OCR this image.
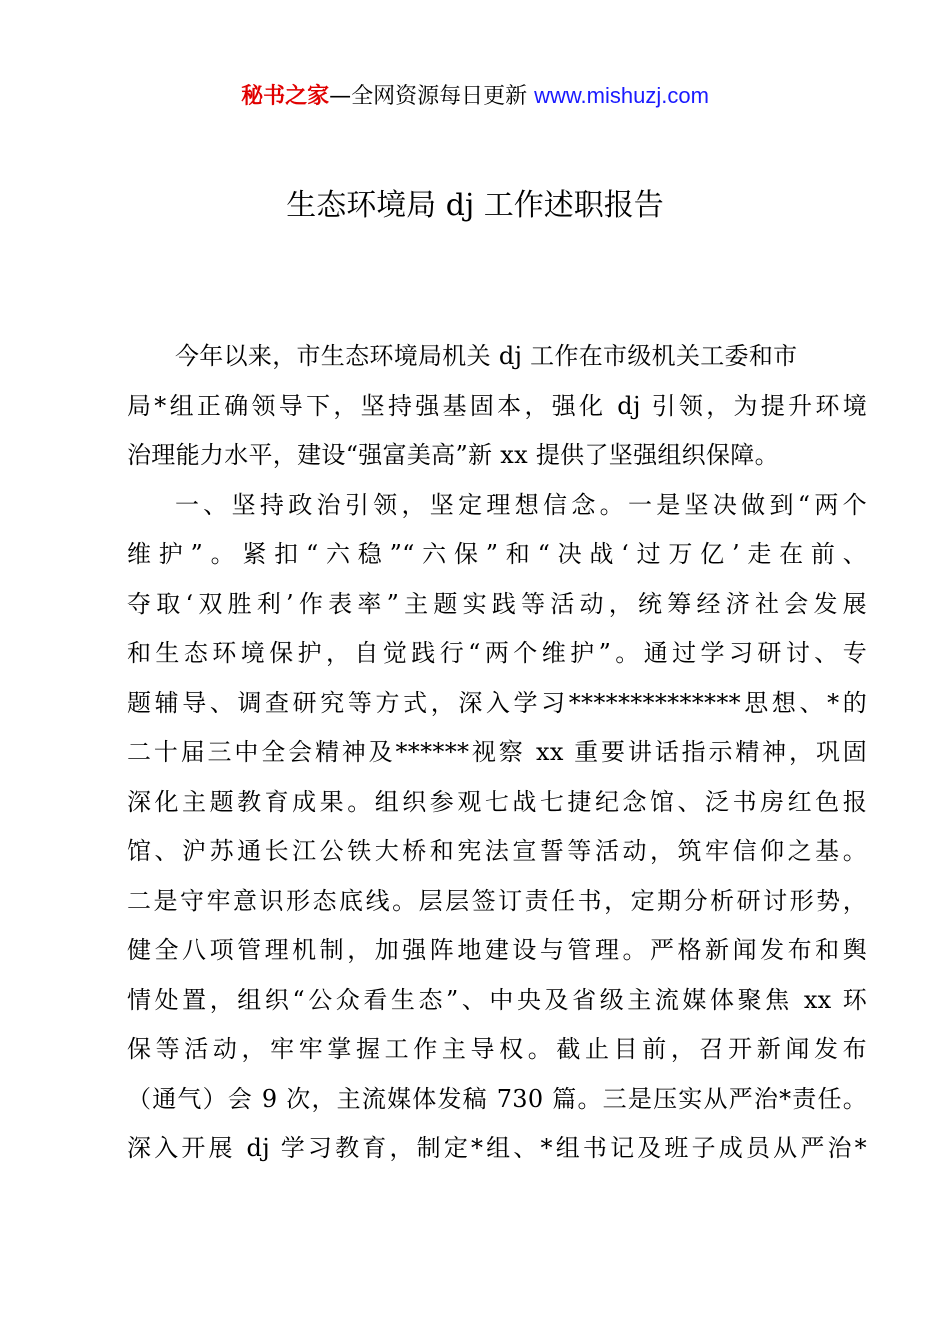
秘书之家—全网资源每日更新 www.mishuzj.com
生态环境局 dj 工作述职报告
今年以来，市生态环境局机关 dj 工作在市级机关工委和市
局*组正确领导下，坚持强基固本，强化 dj 引领，为提升环境
治理能力水平，建设“强富美高”新 xx 提供了坚强组织保障。
一、坚持政治引领，坚定理想信念。一是坚决做到“两个
维护”。紧扣“六稳”“六保”和“决战‘过万亿’走在前、
夺取‘双胜利’作表率”主题实践等活动，统筹经济社会发展
和生态环境保护，自觉践行“两个维护”。通过学习研讨、专
题辅导、调查研究等方式，深入学习**************思想、*的
二十届三中全会精神及******视察 xx 重要讲话指示精神，巩固
深化主题教育成果。组织参观七战七捷纪念馆、泛书房红色报
馆、沪苏通长江公铁大桥和宪法宣誓等活动，筑牢信仰之基。
二是守牢意识形态底线。层层签订责任书，定期分析研讨形势，
健全八项管理机制，加强阵地建设与管理。严格新闻发布和舆
情处置，组织“公众看生态”、中央及省级主流媒体聚焦 xx 环
保等活动，牢牢掌握工作主导权。截止目前，召开新闻发布
（通气）会 9 次，主流媒体发稿 730 篇。三是压实从严治*责任。
深入开展 dj 学习教育，制定*组、*组书记及班子成员从严治*
